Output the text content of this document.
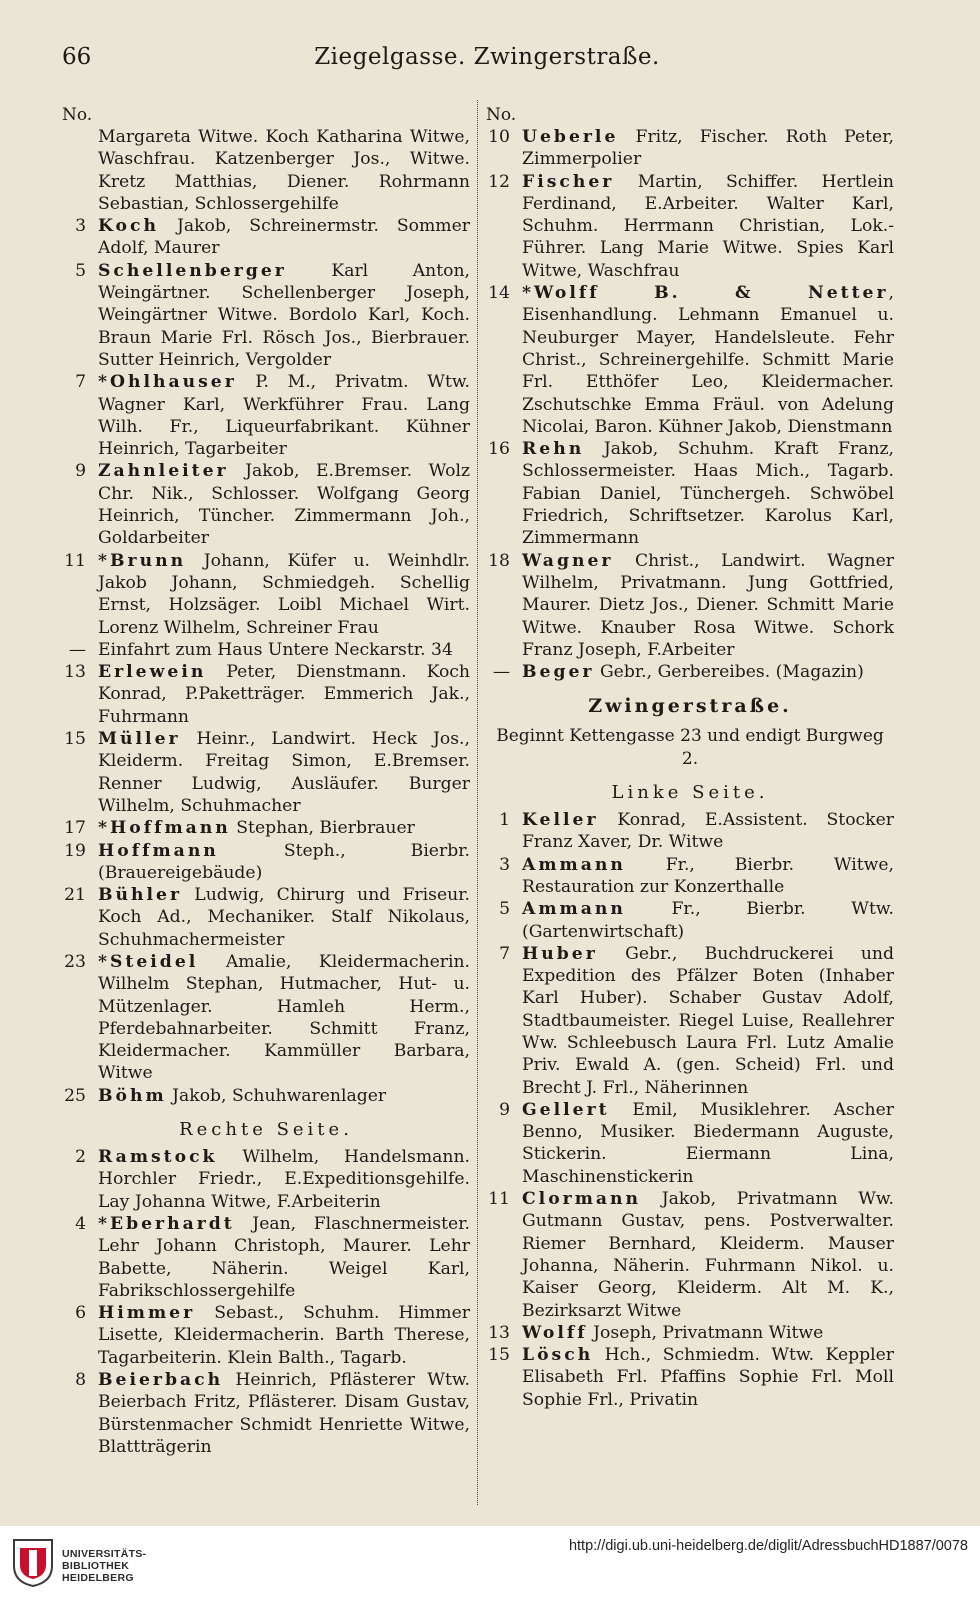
66	Ziegelgasse. Zwingerstraße.
No.
Margareta Witwe. Koch Katharina Witwe, Waschfrau. Katzenberger Jos., Witwe. Kretz Matthias, Diener. Rohrmann Sebastian, Schlossergehilfe
3 Koch Jakob, Schreinermstr. Sommer Adolf, Maurer
5 Schellenberger Karl Anton, Weingärtner. Schellenberger Joseph, Weingärtner Witwe. Bordolo Karl, Koch. Braun Marie Frl. Rösch Jos., Bierbrauer. Sutter Heinrich, Vergolder
7 *Ohlhauser P. M., Privatm. Wtw. Wagner Karl, Werkführer Frau. Lang Wilh. Fr., Liqueurfabrikant. Kühner Heinrich, Tagarbeiter
9 Zahnleiter Jakob, E.Bremser. Wolz Chr. Nik., Schlosser. Wolfgang Georg Heinrich, Tüncher. Zimmermann Joh., Goldarbeiter
11 *Brunn Johann, Küfer u. Weinhdlr. Jakob Johann, Schmiedgeh. Schellig Ernst, Holzsäger. Loibl Michael Wirt. Lorenz Wilhelm, Schreiner Frau
— Einfahrt zum Haus Untere Neckarstr. 34
13 Erlewein Peter, Dienstmann. Koch Konrad, P.Paketträger. Emmerich Jak., Fuhrmann
15 Müller Heinr., Landwirt. Heck Jos., Kleiderm. Freitag Simon, E.Bremser. Renner Ludwig, Ausläufer. Burger Wilhelm, Schuhmacher
17 *Hoffmann Stephan, Bierbrauer
19 Hoffmann Steph., Bierbr. (Brauereigebäude)
21 Bühler Ludwig, Chirurg und Friseur. Koch Ad., Mechaniker. Stalf Nikolaus, Schuhmachermeister
23 *Steidel Amalie, Kleidermacherin. Wilhelm Stephan, Hutmacher, Hut- u. Mützenlager. Hamleh Herm., Pferdebahnarbeiter. Schmitt Franz, Kleidermacher. Kammüller Barbara, Witwe
25 Böhm Jakob, Schuhwarenlager
Rechte Seite.
2 Ramstock Wilhelm, Handelsmann. Horchler Friedr., E.Expeditionsgehilfe. Lay Johanna Witwe, F.Arbeiterin
4 *Eberhardt Jean, Flaschnermeister. Lehr Johann Christoph, Maurer. Lehr Babette, Näherin. Weigel Karl, Fabrikschlossergehilfe
6 Himmer Sebast., Schuhm. Himmer Lisette, Kleidermacherin. Barth Therese, Tagarbeiterin. Klein Balth., Tagarb.
8 Beierbach Heinrich, Pflästerer Wtw. Beierbach Fritz, Pflästerer. Disam Gustav, Bürstenmacher Schmidt Henriette Witwe, Blattträgerin
No.
10 Ueberle Fritz, Fischer. Roth Peter, Zimmerpolier
12 Fischer Martin, Schiffer. Hertlein Ferdinand, E.Arbeiter. Walter Karl, Schuhm. Herrmann Christian, Lok.-Führer. Lang Marie Witwe. Spies Karl Witwe, Waschfrau
14 *Wolff B. & Netter, Eisenhandlung. Lehmann Emanuel u. Neuburger Mayer, Handelsleute. Fehr Christ., Schreinergehilfe. Schmitt Marie Frl. Etthöfer Leo, Kleidermacher. Zschutschke Emma Fräul. von Adelung Nicolai, Baron. Kühner Jakob, Dienstmann
16 Rehn Jakob, Schuhm. Kraft Franz, Schlossermeister. Haas Mich., Tagarb. Fabian Daniel, Tünchergeh. Schwöbel Friedrich, Schriftsetzer. Karolus Karl, Zimmermann
18 Wagner Christ., Landwirt. Wagner Wilhelm, Privatmann. Jung Gottfried, Maurer. Dietz Jos., Diener. Schmitt Marie Witwe. Knauber Rosa Witwe. Schork Franz Joseph, F.Arbeiter
— Beger Gebr., Gerbereibes. (Magazin)
Zwingerstraße.
Beginnt Kettengasse 23 und endigt Burgweg 2.
Linke Seite.
1 Keller Konrad, E.Assistent. Stocker Franz Xaver, Dr. Witwe
3 Ammann Fr., Bierbr. Witwe, Restauration zur Konzerthalle
5 Ammann Fr., Bierbr. Wtw. (Gartenwirtschaft)
7 Huber Gebr., Buchdruckerei und Expedition des Pfälzer Boten (Inhaber Karl Huber). Schaber Gustav Adolf, Stadtbaumeister. Riegel Luise, Reallehrer Ww. Schleebusch Laura Frl. Lutz Amalie Priv. Ewald A. (gen. Scheid) Frl. und Brecht J. Frl., Näherinnen
9 Gellert Emil, Musiklehrer. Ascher Benno, Musiker. Biedermann Auguste, Stickerin. Eiermann Lina, Maschinenstickerin
11 Clormann Jakob, Privatmann Ww. Gutmann Gustav, pens. Postverwalter. Riemer Bernhard, Kleiderm. Mauser Johanna, Näherin. Fuhrmann Nikol. u. Kaiser Georg, Kleiderm. Alt M. K., Bezirksarzt Witwe
13 Wolff Joseph, Privatmann Witwe
15 Lösch Hch., Schmiedm. Wtw. Keppler Elisabeth Frl. Pfaffins Sophie Frl. Moll Sophie Frl., Privatin
UNIVERSITÄTS-
BIBLIOTHEK
HEIDELBERG
http://digi.ub.uni-heidelberg.de/diglit/AdressbuchHD1887/0078
